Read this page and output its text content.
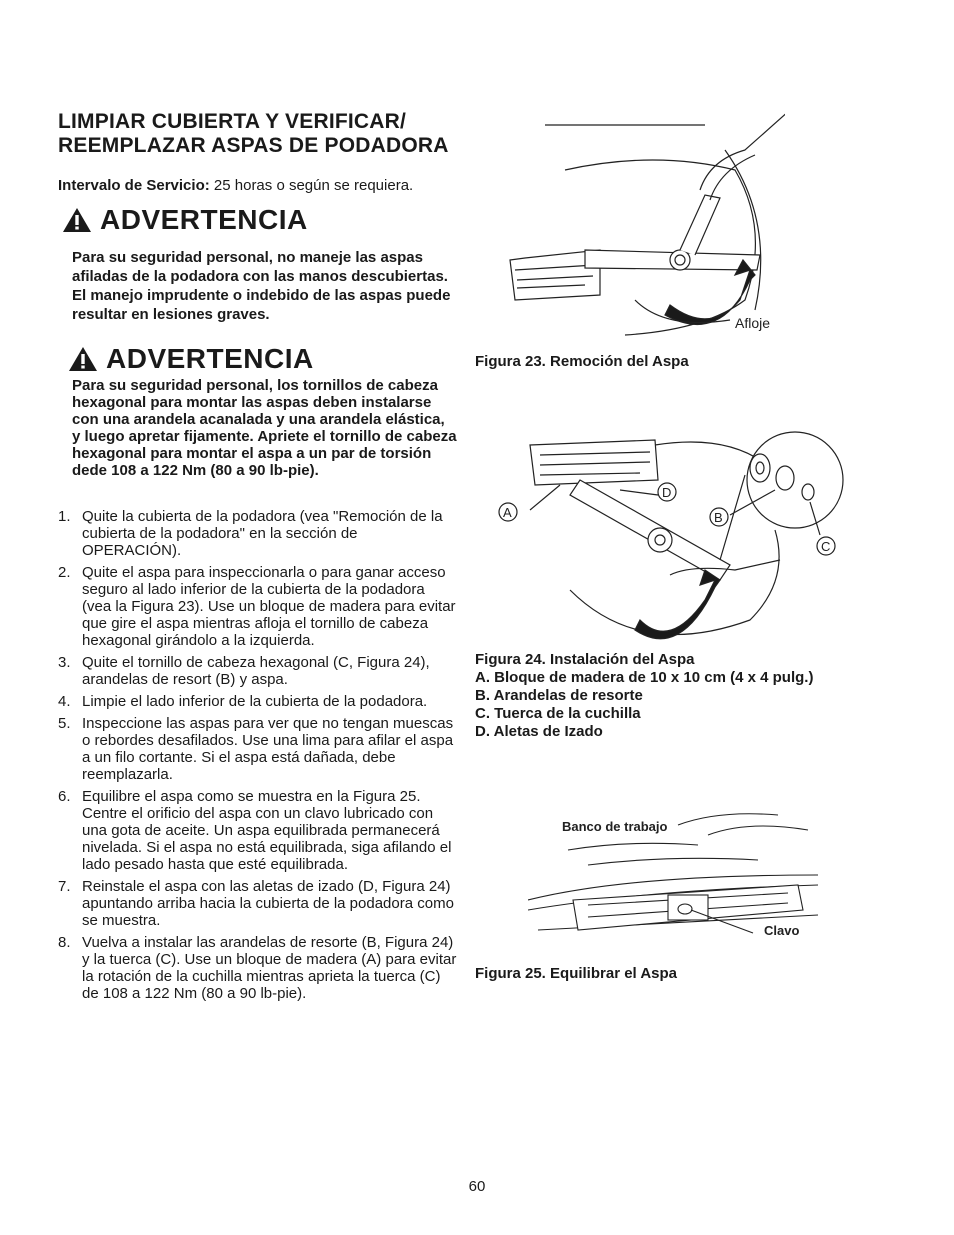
LIMPIAR CUBIERTA Y VERIFICAR/
REEMPLAZAR ASPAS DE PODADORA
Intervalo de Servicio: 25 horas o según se requiera.
ADVERTENCIA
Para su seguridad personal, no maneje las aspas afiladas de la podadora con las manos descubiertas. El manejo imprudente o indebido de las aspas puede resultar en lesiones graves.
ADVERTENCIA
Para su seguridad personal, los tornillos de cabeza hexagonal para montar las aspas deben instalarse con una arandela acanalada y una arandela elástica, y luego apretar fijamente. Apriete el tornillo de cabeza hexagonal para montar el aspa a un par de torsión dede 108 a 122 Nm (80 a 90 lb-pie).
1. Quite la cubierta de la podadora (vea "Remoción de la cubierta de la podadora" en la sección de OPERACIÓN).
2. Quite el aspa para inspeccionarla o para ganar acceso seguro al lado inferior de la cubierta de la podadora (vea la Figura 23). Use un bloque de madera para evitar que gire el aspa mientras afloja el tornillo de cabeza hexagonal girándolo a la izquierda.
3. Quite el tornillo de cabeza hexagonal (C, Figura 24), arandelas de resort (B) y aspa.
4. Limpie el lado inferior de la cubierta de la podadora.
5. Inspeccione las aspas para ver que no tengan muescas o rebordes desafilados. Use una lima para afilar el aspa a un filo cortante. Si el aspa está dañada, debe reemplazarla.
6. Equilibre el aspa como se muestra en la Figura 25. Centre el orificio del aspa con un clavo lubricado con una gota de aceite. Un aspa equilibrada permanecerá nivelada. Si el aspa no está equilibrada, siga afilando el lado pesado hasta que esté equilibrada.
7. Reinstale el aspa con las aletas de izado (D, Figura 24) apuntando arriba hacia la cubierta de la podadora como se muestra.
8. Vuelva a instalar las arandelas de resorte (B, Figura 24) y la tuerca (C). Use un bloque de madera (A) para evitar la rotación de la cuchilla mientras aprieta la tuerca (C) de 108 a 122 Nm (80 a 90 lb-pie).
Afloje
Figura 23. Remoción del Aspa
A	B
C
D
Figura 24. Instalación del Aspa
A. Bloque de madera de 10 x 10 cm (4 x 4 pulg.)
B. Arandelas de resorte
C. Tuerca de la cuchilla
D. Aletas de Izado
Banco de trabajo
Clavo
Figura 25. Equilibrar el Aspa
60
